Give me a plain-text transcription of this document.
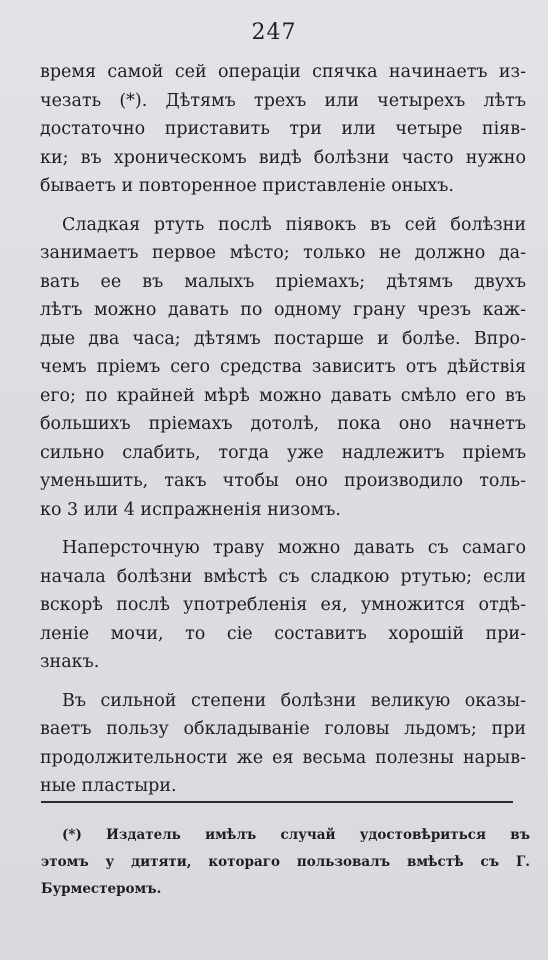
247
время самой сей операціи спячка начинаетъ из-
чезать (*). Дѣтямъ трехъ или четырехъ лѣтъ
достаточно приставить три или четыре піяв-
ки; въ хроническомъ видѣ болѣзни часто нужно
бываетъ и повторенное приставленіе оныхъ.
Сладкая ртуть послѣ піявокъ въ сей болѣзни
занимаетъ первое мѣсто; только не должно да-
вать ее въ малыхъ пріемахъ; дѣтямъ двухъ
лѣтъ можно давать по одному грану чрезъ каж-
дые два часа; дѣтямъ постарше и болѣе. Впро-
чемъ пріемъ сего средства зависитъ отъ дѣйствія
его; по крайней мѣрѣ можно давать смѣло его въ
большихъ пріемахъ дотолѣ, пока оно начнетъ
сильно слабить, тогда уже надлежитъ пріемъ
уменьшить, такъ чтобы оно производило толь-
ко 3 или 4 испражненія низомъ.
Наперсточную траву можно давать съ самаго
начала болѣзни вмѣстѣ съ сладкою ртутью; если
вскорѣ послѣ употребленія ея, умножится отдѣ-
леніе мочи, то сіе составитъ хорошій при-
знакъ.
Въ сильной степени болѣзни великую оказы-
ваетъ пользу обкладываніе головы льдомъ; при
продолжительности же ея весьма полезны нарыв-
ные пластыри.
(*) Издатель имѣлъ случай удостовѣриться въ
этомъ у дитяти, котораго пользовалъ вмѣстѣ съ Г.
Бурместеромъ.
